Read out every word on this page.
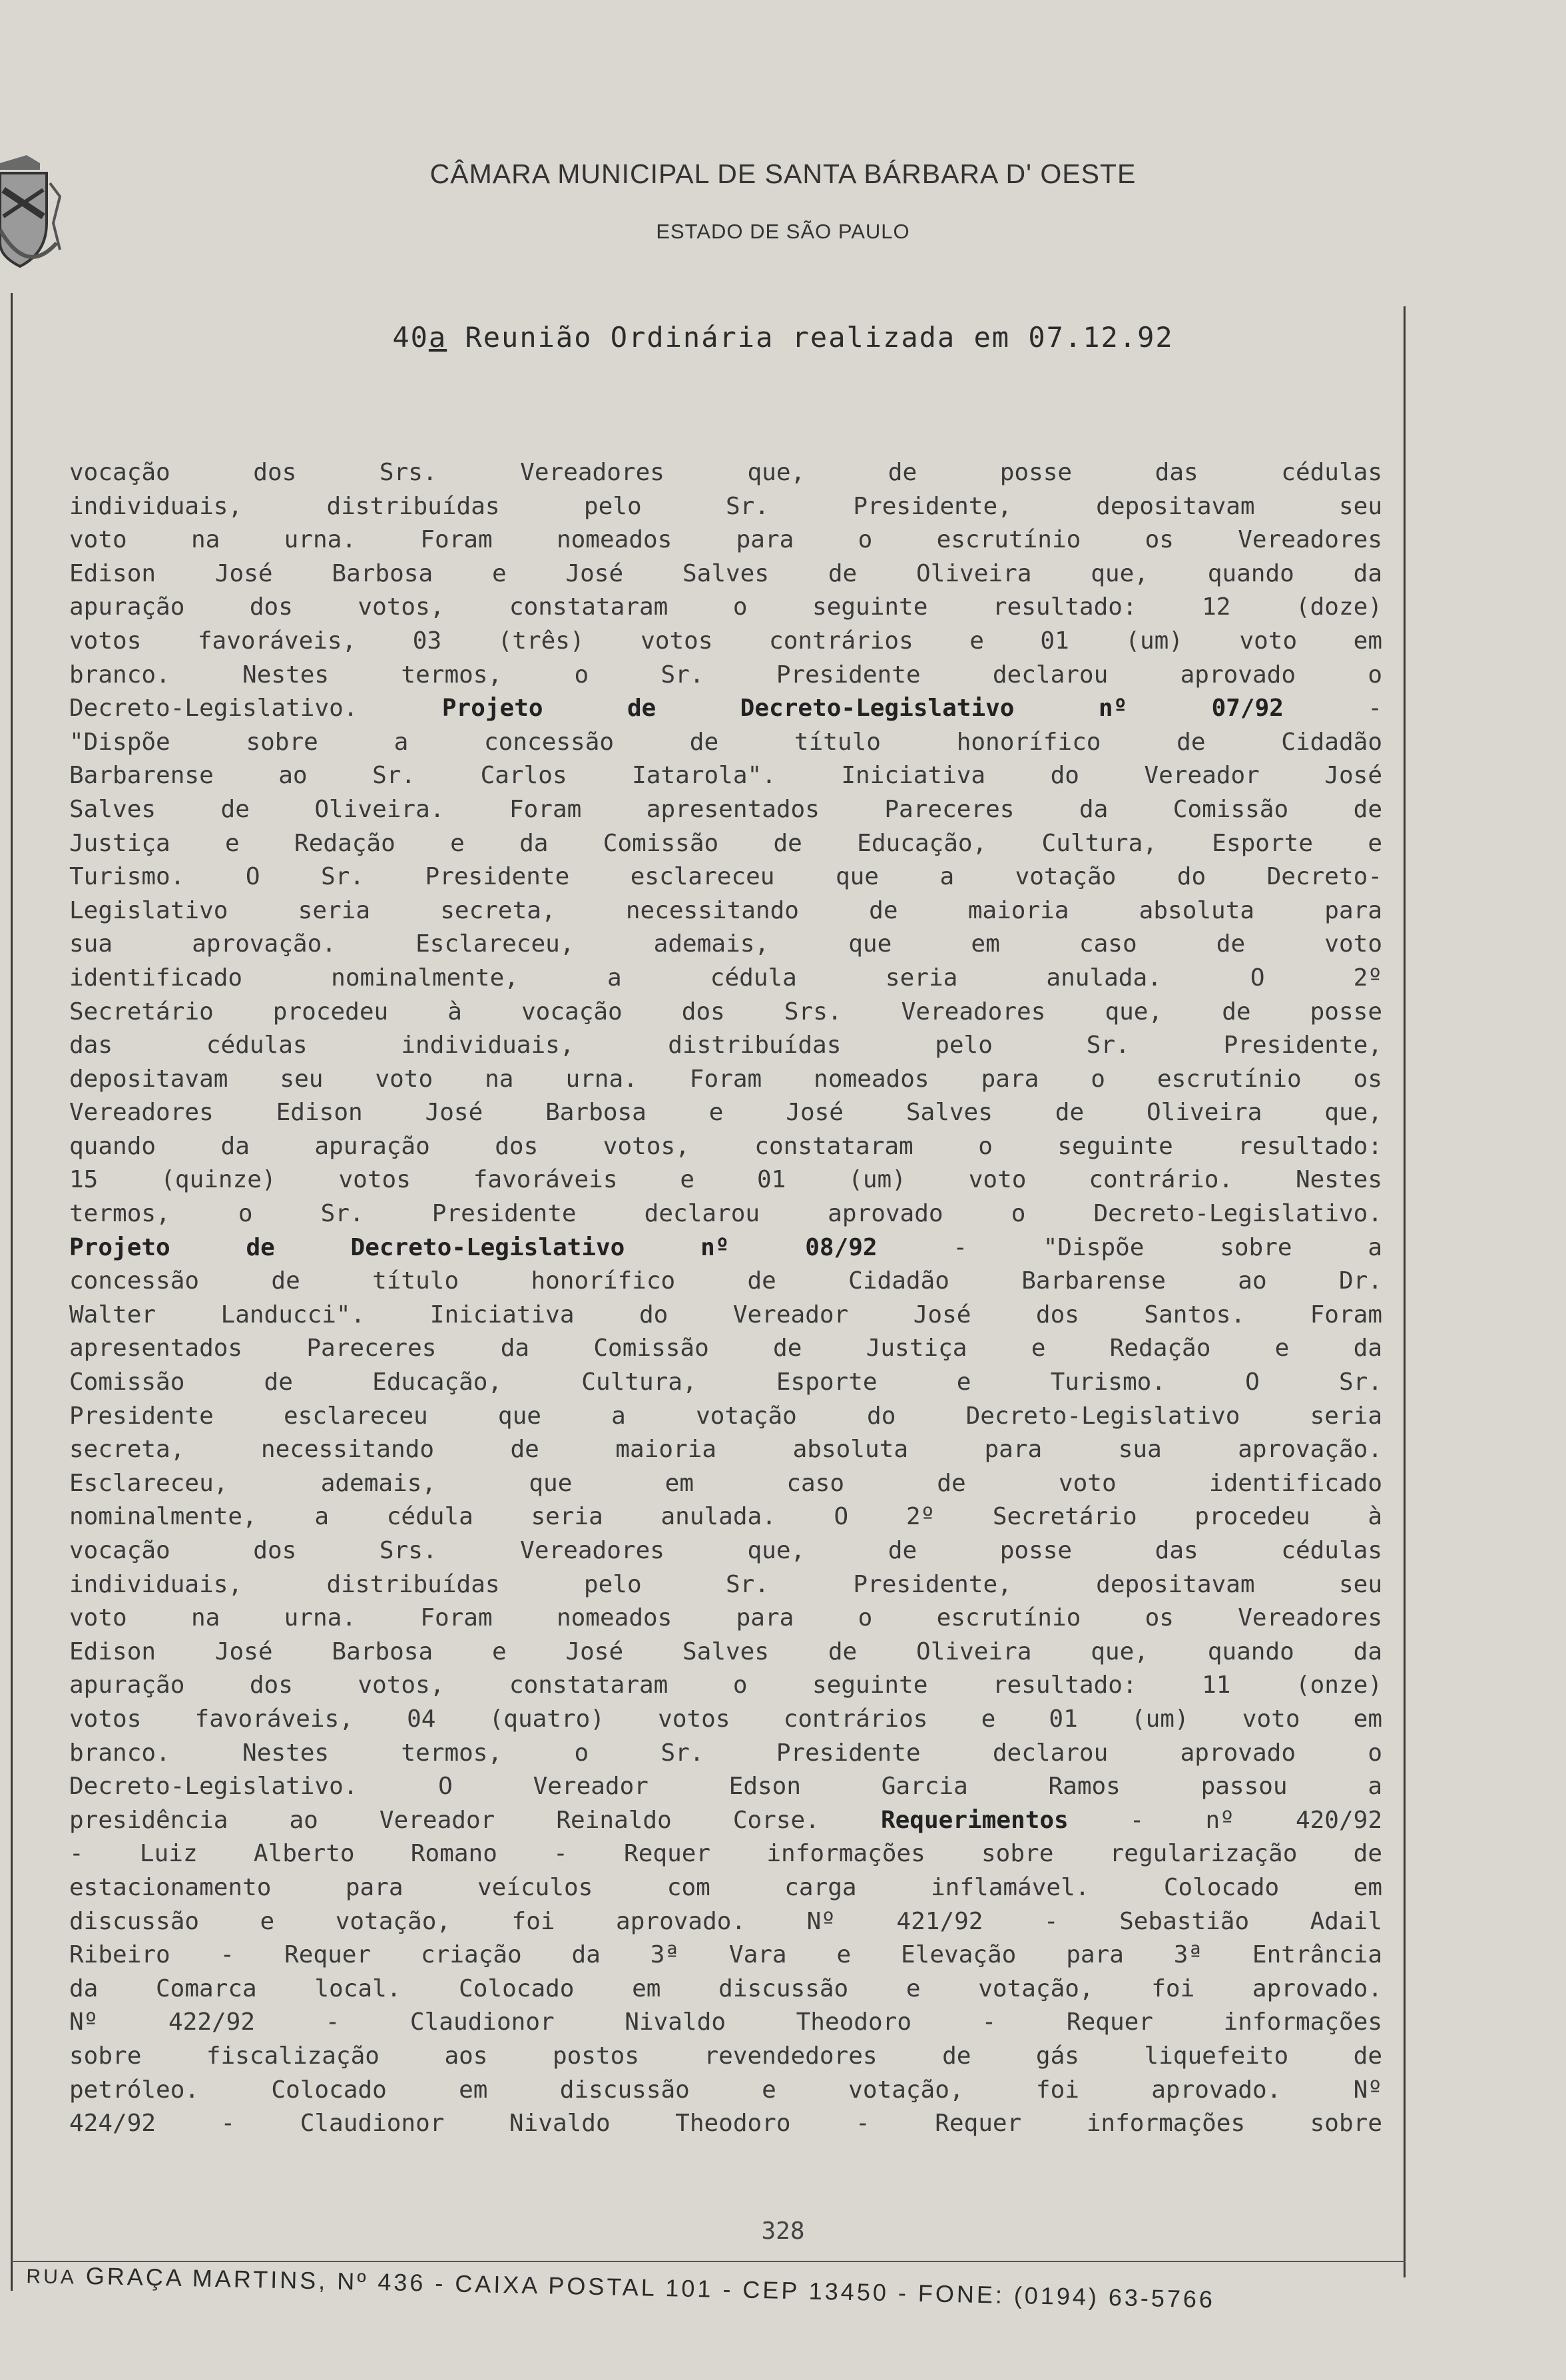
CÂMARA MUNICIPAL DE SANTA BÁRBARA D' OESTE
ESTADO DE SÃO PAULO
40a Reunião Ordinária realizada em 07.12.92
vocação dos Srs. Vereadores que, de posse das cédulas
individuais, distribuídas pelo Sr. Presidente, depositavam seu
voto na urna. Foram nomeados para o escrutínio os Vereadores
Edison José Barbosa e José Salves de Oliveira que, quando da
apuração dos votos, constataram o seguinte resultado: 12 (doze)
votos favoráveis, 03 (três) votos contrários e 01 (um) voto em
branco. Nestes termos, o Sr. Presidente declarou aprovado o
Decreto-Legislativo. Projeto de Decreto-Legislativo nº 07/92 -
"Dispõe sobre a concessão de título honorífico de Cidadão
Barbarense ao Sr. Carlos Iatarola". Iniciativa do Vereador José
Salves de Oliveira. Foram apresentados Pareceres da Comissão de
Justiça e Redação e da Comissão de Educação, Cultura, Esporte e
Turismo. O Sr. Presidente esclareceu que a votação do Decreto-
Legislativo seria secreta, necessitando de maioria absoluta para
sua aprovação. Esclareceu, ademais, que em caso de voto
identificado nominalmente, a cédula seria anulada. O 2º
Secretário procedeu à vocação dos Srs. Vereadores que, de posse
das cédulas individuais, distribuídas pelo Sr. Presidente,
depositavam seu voto na urna. Foram nomeados para o escrutínio os
Vereadores Edison José Barbosa e José Salves de Oliveira que,
quando da apuração dos votos, constataram o seguinte resultado:
15 (quinze) votos favoráveis e 01 (um) voto contrário. Nestes
termos, o Sr. Presidente declarou aprovado o Decreto-Legislativo.
Projeto de Decreto-Legislativo nº 08/92 - "Dispõe sobre a
concessão de título honorífico de Cidadão Barbarense ao Dr.
Walter Landucci". Iniciativa do Vereador José dos Santos. Foram
apresentados Pareceres da Comissão de Justiça e Redação e da
Comissão de Educação, Cultura, Esporte e Turismo. O Sr.
Presidente esclareceu que a votação do Decreto-Legislativo seria
secreta, necessitando de maioria absoluta para sua aprovação.
Esclareceu, ademais, que em caso de voto identificado
nominalmente, a cédula seria anulada. O 2º Secretário procedeu à
vocação dos Srs. Vereadores que, de posse das cédulas
individuais, distribuídas pelo Sr. Presidente, depositavam seu
voto na urna. Foram nomeados para o escrutínio os Vereadores
Edison José Barbosa e José Salves de Oliveira que, quando da
apuração dos votos, constataram o seguinte resultado: 11 (onze)
votos favoráveis, 04 (quatro) votos contrários e 01 (um) voto em
branco. Nestes termos, o Sr. Presidente declarou aprovado o
Decreto-Legislativo. O Vereador Edson Garcia Ramos passou a
presidência ao Vereador Reinaldo Corse. Requerimentos - nº 420/92
- Luiz Alberto Romano - Requer informações sobre regularização de
estacionamento para veículos com carga inflamável. Colocado em
discussão e votação, foi aprovado. Nº 421/92 - Sebastião Adail
Ribeiro - Requer criação da 3ª Vara e Elevação para 3ª Entrância
da Comarca local. Colocado em discussão e votação, foi aprovado.
Nº 422/92 - Claudionor Nivaldo Theodoro - Requer informações
sobre fiscalização aos postos revendedores de gás liquefeito de
petróleo. Colocado em discussão e votação, foi aprovado. Nº
424/92 - Claudionor Nivaldo Theodoro - Requer informações sobre
328
RUA GRAÇA MARTINS, Nº 436 - CAIXA POSTAL 101 - CEP 13450 - FONE: (0194) 63-5766
